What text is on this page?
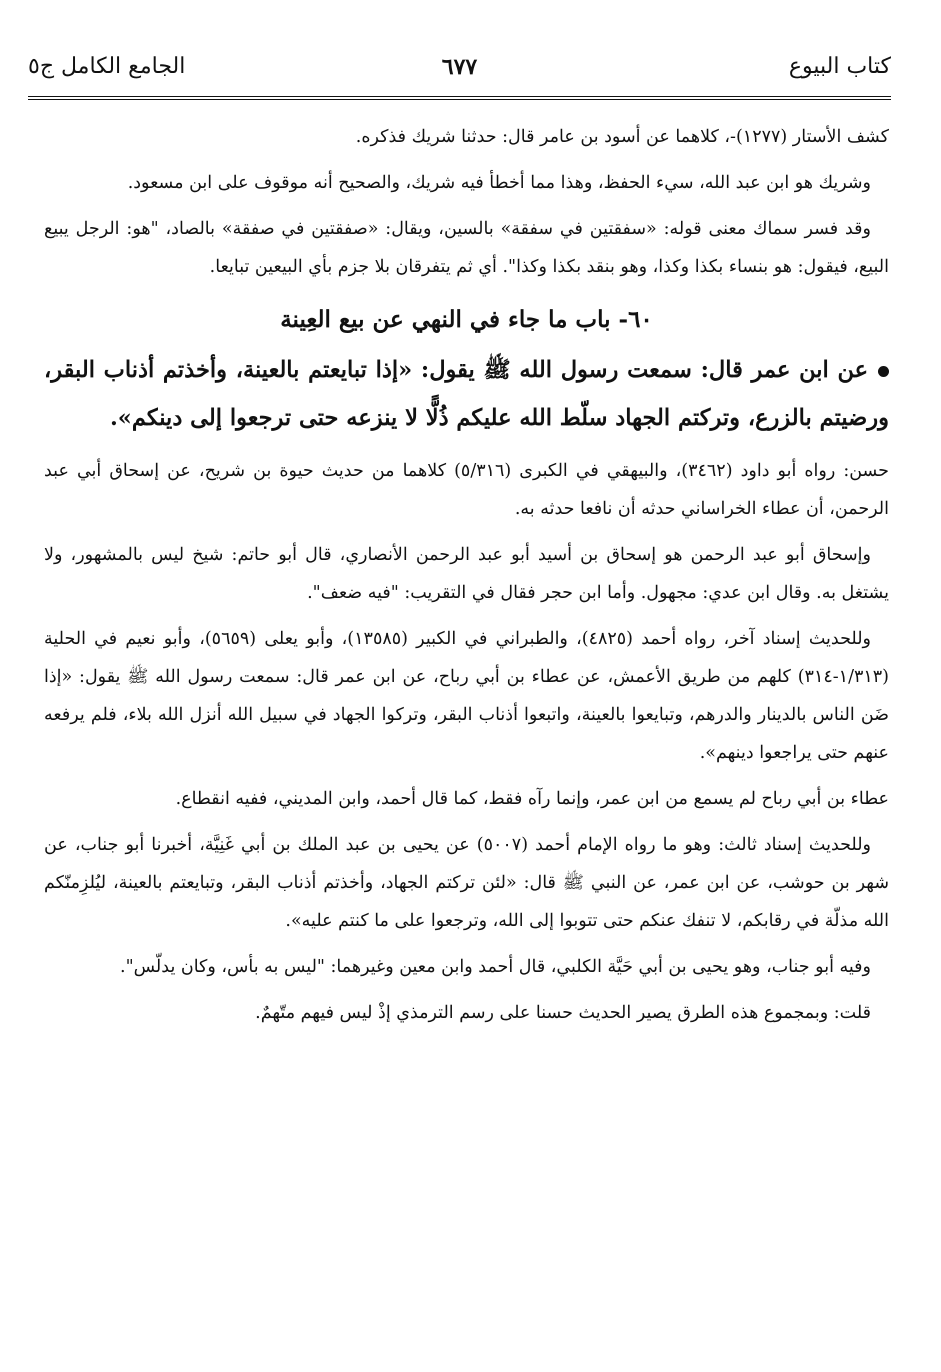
كتاب البيوع
٦٧٧
الجامع الكامل ج٥

كشف الأستار (١٢٧٧)-، كلاهما عن أسود بن عامر قال: حدثنا شريك فذكره.

وشريك هو ابن عبد الله، سيء الحفظ، وهذا مما أخطأ فيه شريك، والصحيح أنه موقوف على ابن مسعود.

وقد فسر سماك معنى قوله: «سفقتين في سفقة» بالسين، ويقال: «صفقتين في صفقة» بالصاد، "هو: الرجل يبيع البيع، فيقول: هو بنساء بكذا وكذا، وهو بنقد بكذا وكذا". أي ثم يتفرقان بلا جزم بأي البيعين تبايعا.

٦٠- باب ما جاء في النهي عن بيع العِينة

عن ابن عمر قال: سمعت رسول الله ﷺ يقول: «إذا تبايعتم بالعينة، وأخذتم أذناب البقر، ورضيتم بالزرع، وتركتم الجهاد سلّط الله عليكم ذُلًّا لا ينزعه حتى ترجعوا إلى دينكم».

حسن: رواه أبو داود (٣٤٦٢)، والبيهقي في الكبرى (٥/٣١٦) كلاهما من حديث حيوة بن شريح، عن إسحاق أبي عبد الرحمن، أن عطاء الخراساني حدثه أن نافعا حدثه به.

وإسحاق أبو عبد الرحمن هو إسحاق بن أسيد أبو عبد الرحمن الأنصاري، قال أبو حاتم: شيخ ليس بالمشهور، ولا يشتغل به. وقال ابن عدي: مجهول. وأما ابن حجر فقال في التقريب: "فيه ضعف".

وللحديث إسناد آخر، رواه أحمد (٤٨٢٥)، والطبراني في الكبير (١٣٥٨٥)، وأبو يعلى (٥٦٥٩)، وأبو نعيم في الحلية (١/٣١٣-٣١٤) كلهم من طريق الأعمش، عن عطاء بن أبي رباح، عن ابن عمر قال: سمعت رسول الله ﷺ يقول: «إذا ضَن الناس بالدينار والدرهم، وتبايعوا بالعينة، واتبعوا أذناب البقر، وتركوا الجهاد في سبيل الله أنزل الله بلاء، فلم يرفعه عنهم حتى يراجعوا دينهم».

عطاء بن أبي رباح لم يسمع من ابن عمر، وإنما رآه فقط، كما قال أحمد، وابن المديني، ففيه انقطاع.

وللحديث إسناد ثالث: وهو ما رواه الإمام أحمد (٥٠٠٧) عن يحيى بن عبد الملك بن أبي غَنِيَّة، أخبرنا أبو جناب، عن شهر بن حوشب، عن ابن عمر، عن النبي ﷺ قال: «لئن تركتم الجهاد، وأخذتم أذناب البقر، وتبايعتم بالعينة، ليُلزِمنّكم الله مذلّة في رقابكم، لا تنفك عنكم حتى تتوبوا إلى الله، وترجعوا على ما كنتم عليه».

وفيه أبو جناب، وهو يحيى بن أبي حَيَّة الكلبي، قال أحمد وابن معين وغيرهما: "ليس به بأس، وكان يدلّس".

قلت: وبمجموع هذه الطرق يصير الحديث حسنا على رسم الترمذي إذْ ليس فيهم متّهمٌ.
